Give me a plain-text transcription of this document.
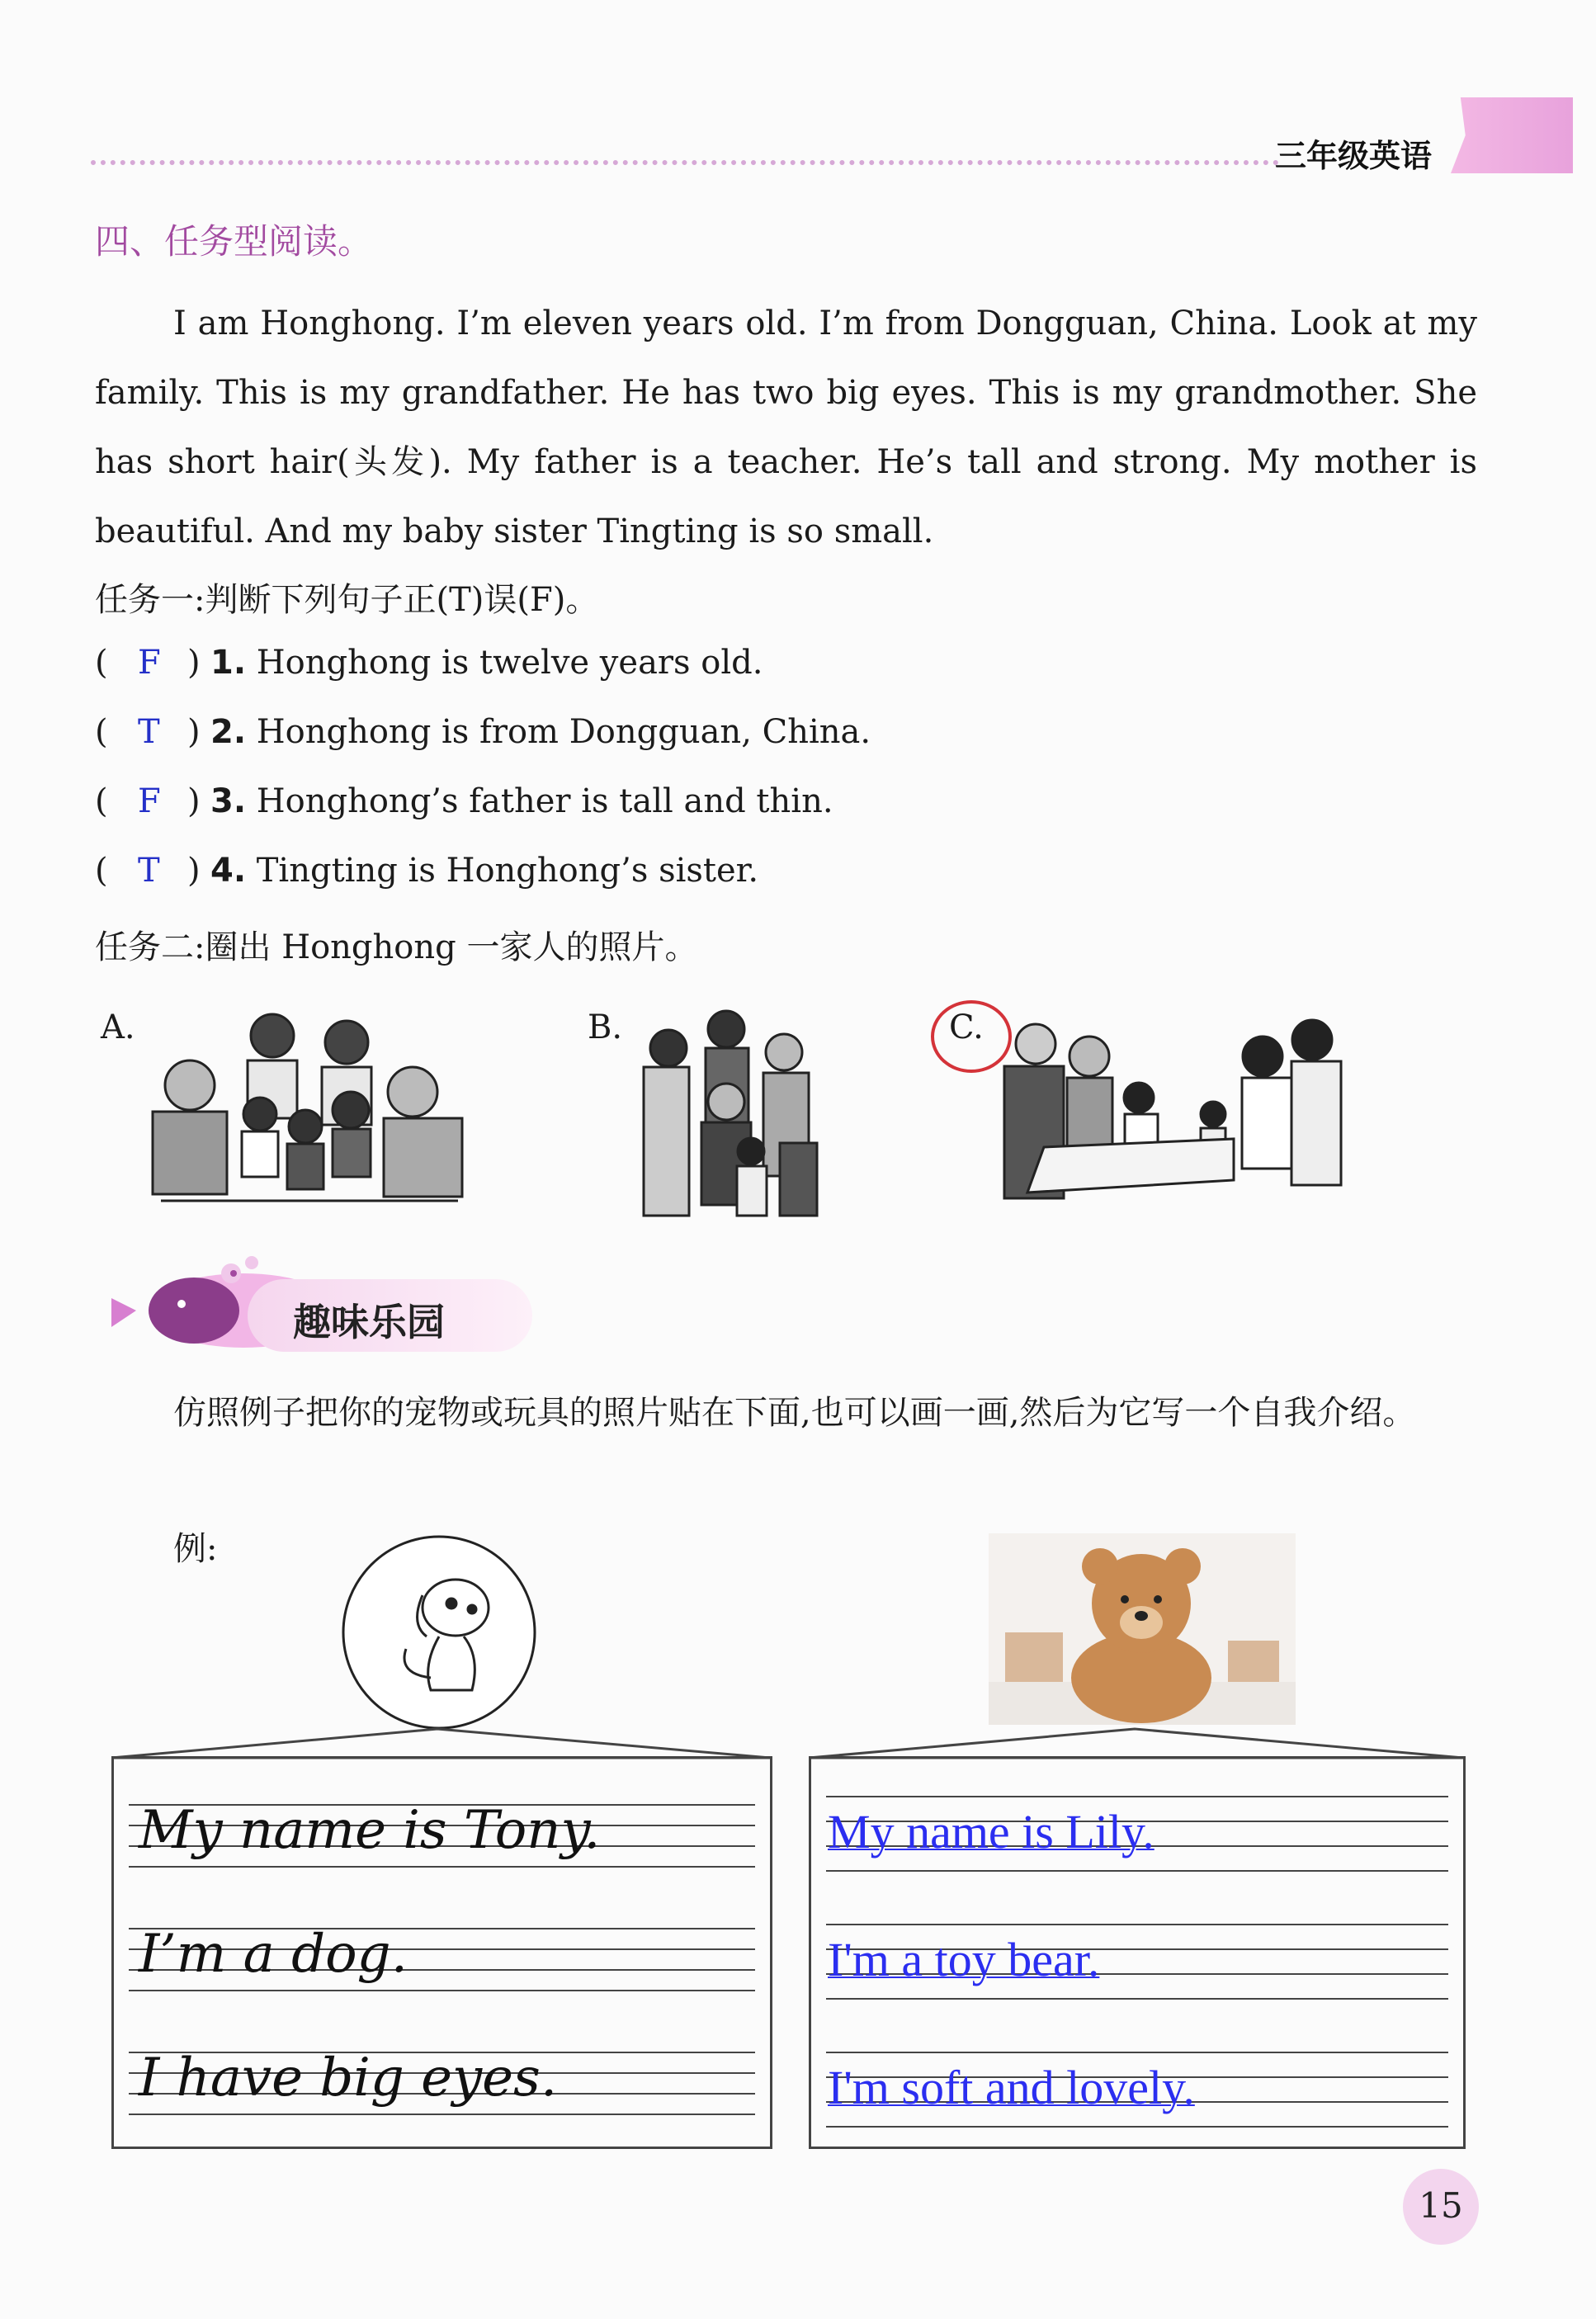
三年级英语
四、任务型阅读。

I am Honghong. I’m eleven years old. I’m from Dongguan, China. Look at my family. This is my grandfather. He has two big eyes. This is my grandmother. She has short hair(头发). My father is a teacher. He’s tall and strong. My mother is beautiful. And my baby sister Tingting is so small.

任务一:判断下列句子正(T)误(F)。
( F ) 1. Honghong is twelve years old.
( T ) 2. Honghong is from Dongguan, China.
( F ) 3. Honghong’s father is tall and thin.
( T ) 4. Tingting is Honghong’s sister.
任务二:圈出 Honghong 一家人的照片。
A.	B.	C.
趣味乐园

仿照例子把你的宠物或玩具的照片贴在下面,也可以画一画,然后为它写一个自我介绍。

例:
My name is Tony.
I’m a dog.
I have big eyes.
My name is Lily.
I'm a toy bear.
I'm soft and lovely.
15
